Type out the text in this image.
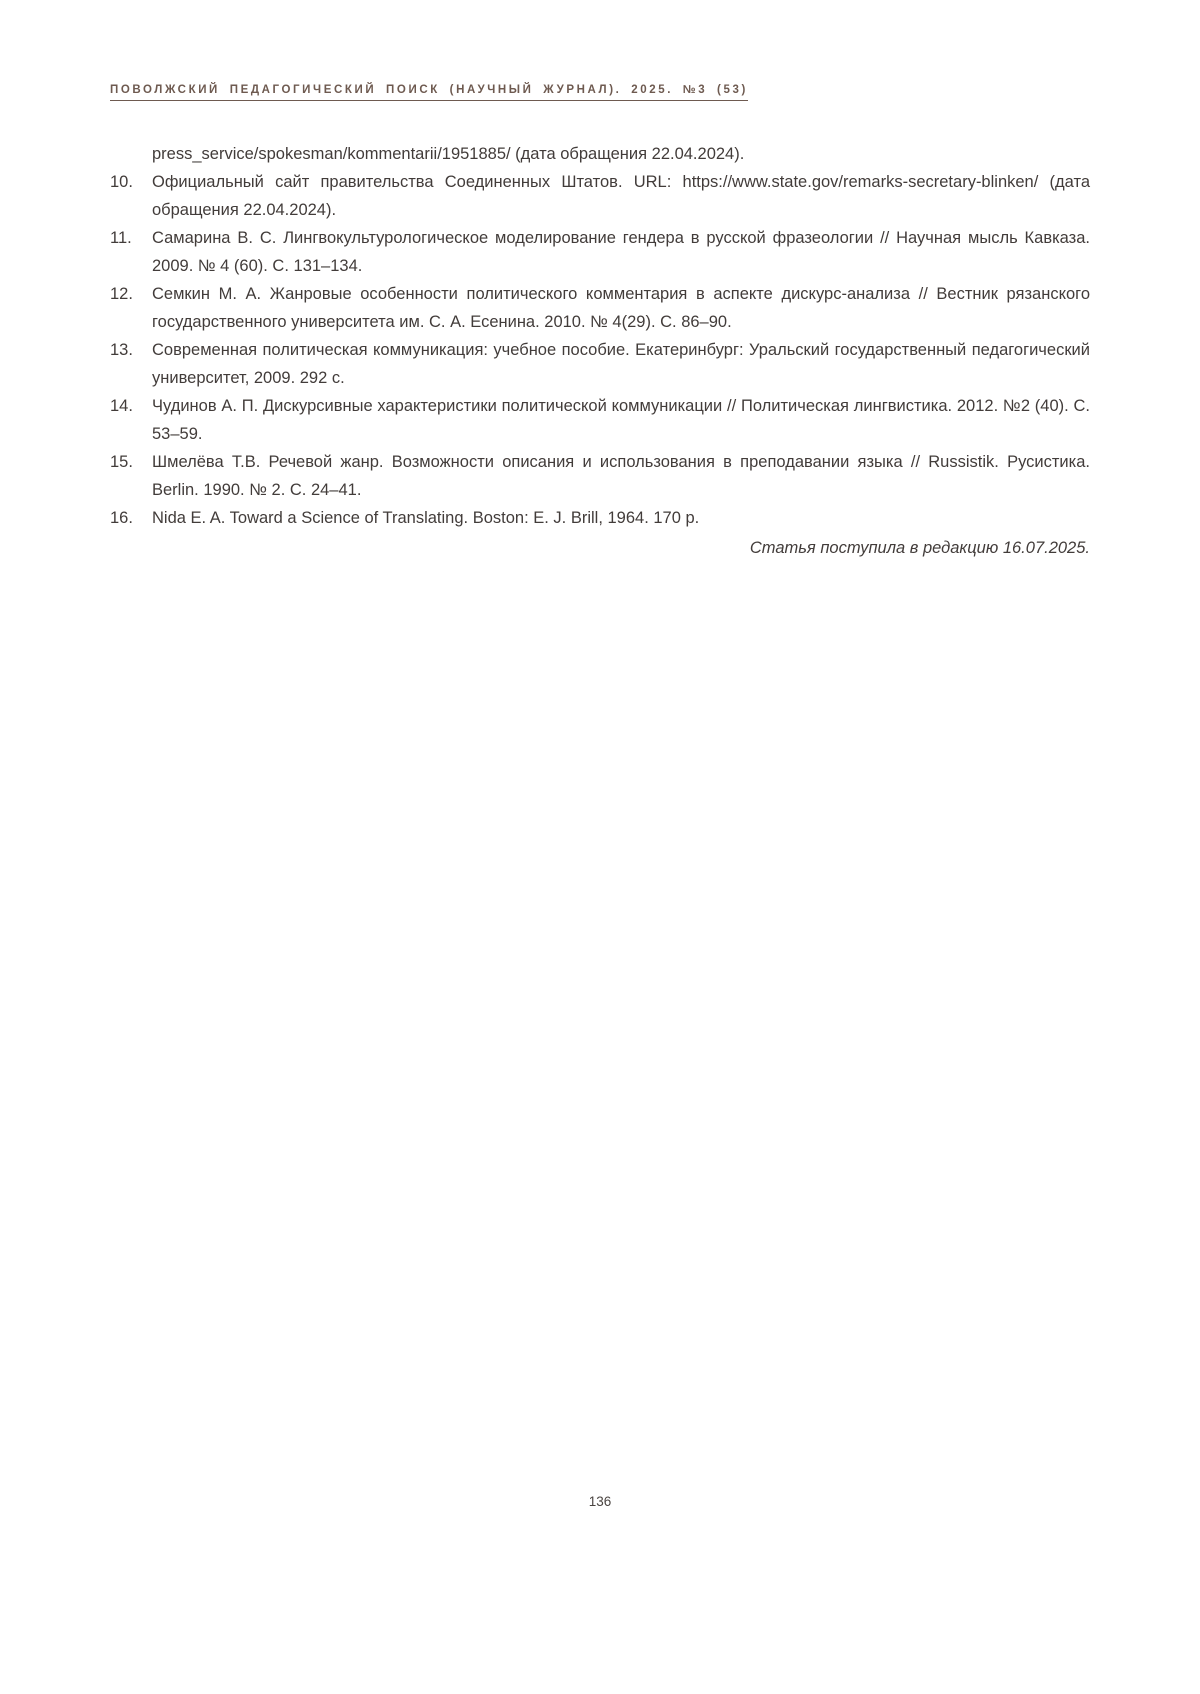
ПОВОЛЖСКИЙ ПЕДАГОГИЧЕСКИЙ ПОИСК (НАУЧНЫЙ ЖУРНАЛ). 2025. №3 (53)
press_service/spokesman/kommentarii/1951885/ (дата обращения 22.04.2024).
10.	Официальный сайт правительства Соединенных Штатов. URL: https://www.state.gov/remarks-secretary-blinken/ (дата обращения 22.04.2024).
11.	Самарина В. С. Лингвокультурологическое моделирование гендера в русской фразеологии // Научная мысль Кавказа. 2009. № 4 (60). С. 131–134.
12.	Семкин М. А. Жанровые особенности политического комментария в аспекте дискурс-анализа // Вестник рязанского государственного университета им. С. А. Есенина. 2010. № 4(29). С. 86–90.
13.	Современная политическая коммуникация: учебное пособие. Екатеринбург: Уральский государственный педагогический университет, 2009. 292 с.
14.	Чудинов А. П. Дискурсивные характеристики политической коммуникации // Политическая лингвистика. 2012. №2 (40). С. 53–59.
15.	Шмелёва Т.В. Речевой жанр. Возможности описания и использования в преподавании языка // Russistik. Русистика. Berlin. 1990. № 2. С. 24–41.
16.	Nida E. A. Toward a Science of Translating. Boston: E. J. Brill, 1964. 170 p.
Статья поступила в редакцию 16.07.2025.
136
